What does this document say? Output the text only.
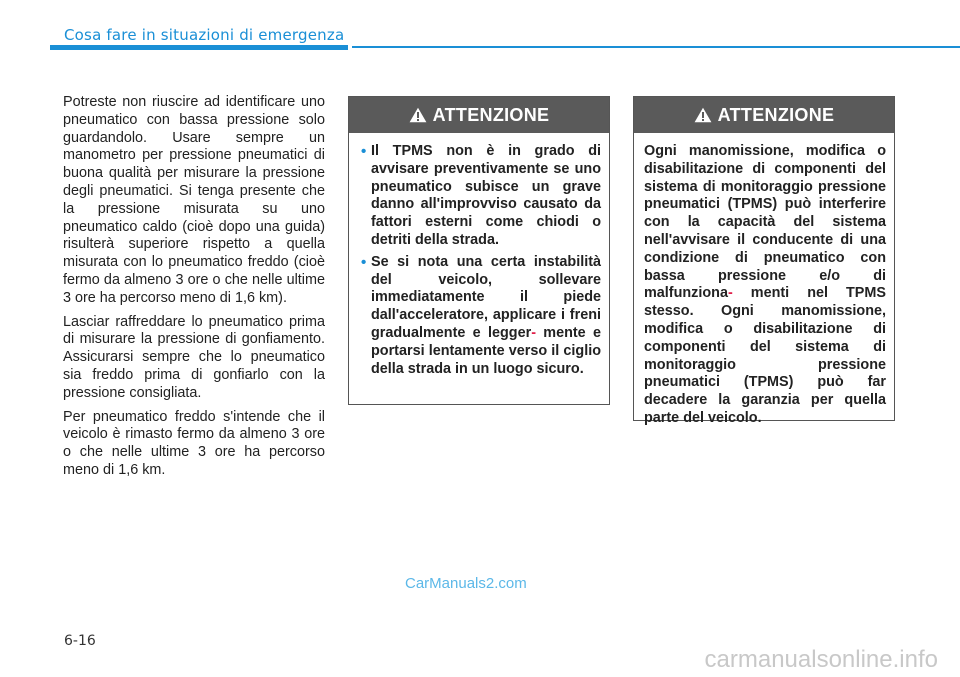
Cosa fare in situazioni di emergenza

Potreste non riuscire ad identificare uno pneumatico con bassa pressione solo guardandolo. Usare sempre un manometro per pressione pneumatici di buona qualità per misurare la pressione degli pneumatici. Si tenga presente che la pressione misurata su uno pneumatico caldo (cioè dopo una guida) risulterà superiore rispetto a quella misurata con lo pneumatico freddo (cioè fermo da almeno 3 ore o che nelle ultime 3 ore ha percorso meno di 1,6 km).

Lasciar raffreddare lo pneumatico prima di misurare la pressione di gonfiamento. Assicurarsi sempre che lo pneumatico sia freddo prima di gonfiarlo con la pressione consigliata.

Per pneumatico freddo s'intende che il veicolo è rimasto fermo da almeno 3 ore o che nelle ultime 3 ore ha percorso meno di 1,6 km.

ATTENZIONE
• Il TPMS non è in grado di avvisare preventivamente se uno pneumatico subisce un grave danno all'improvviso causato da fattori esterni come chiodi o detriti della strada.
• Se si nota una certa instabilità del veicolo, sollevare immediatamente il piede dall'acceleratore, applicare i freni gradualmente e legger- mente e portarsi lentamente verso il ciglio della strada in un luogo sicuro.
ATTENZIONE
Ogni manomissione, modifica o disabilitazione di componenti del sistema di monitoraggio pressione pneumatici (TPMS) può interferire con la capacità del sistema nell'avvisare il conducente di una condizione di pneumatico con bassa pressione e/o di malfunziona- menti nel TPMS stesso. Ogni manomissione, modifica o disabilitazione di componenti del sistema di monitoraggio pressione pneumatici (TPMS) può far decadere la garanzia per quella parte del veicolo.
CarManuals2.com
6-16
carmanualsonline.info
